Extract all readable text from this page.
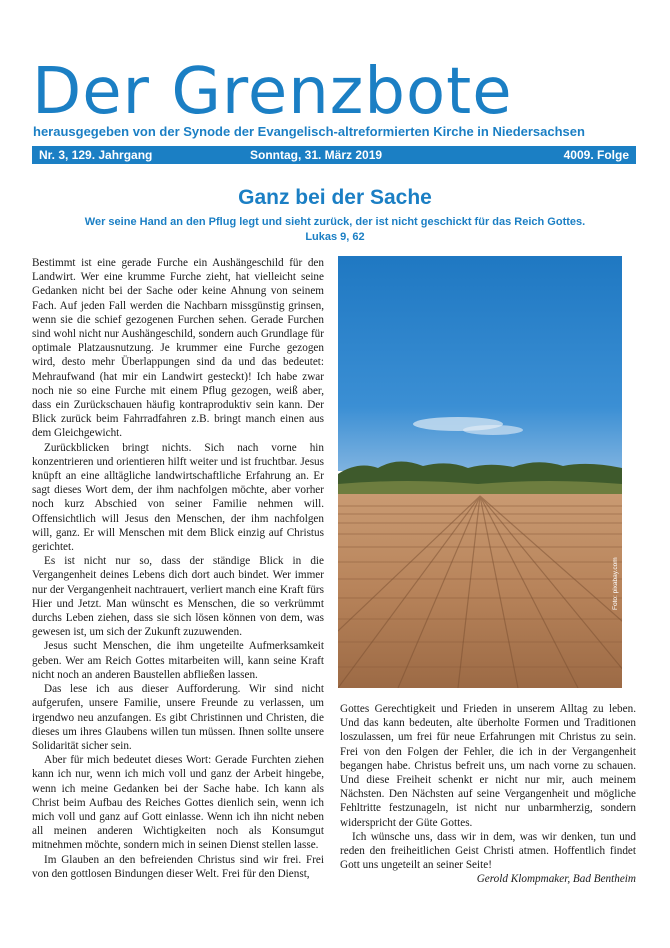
Der Grenzbote
herausgegeben von der Synode der Evangelisch-altreformierten Kirche in Niedersachsen
Nr. 3, 129. Jahrgang	Sonntag, 31. März 2019	4009. Folge
Ganz bei der Sache
Wer seine Hand an den Pflug legt und sieht zurück, der ist nicht geschickt für das Reich Gottes.
Lukas 9, 62

Bestimmt ist eine gerade Furche ein Aushängeschild für den Landwirt. Wer eine krumme Furche zieht, hat vielleicht seine Gedanken nicht bei der Sache oder keine Ahnung von seinem Fach. Auf jeden Fall werden die Nachbarn missgünstig grinsen, wenn sie die schief gezogenen Furchen sehen. Gerade Furchen sind wohl nicht nur Aushängeschild, sondern auch Grundlage für optimale Platzausnutzung. Je krummer eine Furche gezogen wird, desto mehr Überlappungen sind da und das bedeutet: Mehraufwand (hat mir ein Landwirt gesteckt)! Ich habe zwar noch nie so eine Furche mit einem Pflug gezogen, weiß aber, dass ein Zurückschauen häufig kontraproduktiv sein kann. Der Blick zurück beim Fahrradfahren z.B. bringt manch einen aus dem Gleichgewicht.

Zurückblicken bringt nichts. Sich nach vorne hin konzentrieren und orientieren hilft weiter und ist fruchtbar. Jesus knüpft an eine alltägliche landwirtschaftliche Erfahrung an. Er sagt dieses Wort dem, der ihm nachfolgen möchte, aber vorher noch kurz Abschied von seiner Familie nehmen will. Offensichtlich will Jesus den Menschen, der ihm nachfolgen will, ganz. Er will Menschen mit dem Blick einzig auf Christus gerichtet.

Es ist nicht nur so, dass der ständige Blick in die Vergangenheit deines Lebens dich dort auch bindet. Wer immer nur der Vergangenheit nachtrauert, verliert manch eine Kraft fürs Hier und Jetzt. Man wünscht es Menschen, die so verkrümmt durchs Leben ziehen, dass sie sich lösen können von dem, was gewesen ist, um sich der Zukunft zuzuwenden.

Jesus sucht Menschen, die ihm ungeteilte Aufmerksamkeit geben. Wer am Reich Gottes mitarbeiten will, kann seine Kraft nicht noch an anderen Baustellen abfließen lassen.

Das lese ich aus dieser Aufforderung. Wir sind nicht aufgerufen, unsere Familie, unsere Freunde zu verlassen, um irgendwo neu anzufangen. Es gibt Christinnen und Christen, die dieses um ihres Glaubens willen tun müssen. Ihnen sollte unsere Solidarität sicher sein.

Aber für mich bedeutet dieses Wort: Gerade Furchten ziehen kann ich nur, wenn ich mich voll und ganz der Arbeit hingebe, wenn ich meine Gedanken bei der Sache habe. Ich kann als Christ beim Aufbau des Reiches Gottes dienlich sein, wenn ich mich voll und ganz auf Gott einlasse. Wenn ich ihn nicht neben all meinen anderen Wichtigkeiten noch als Konsumgut mitnehmen möchte, sondern mich in seinen Dienst stellen lasse.

Im Glauben an den befreienden Christus sind wir frei. Frei von den gottlosen Bindungen dieser Welt. Frei für den Dienst,

Foto: pixabay.com

Gottes Gerechtigkeit und Frieden in unserem Alltag zu leben. Und das kann bedeuten, alte überholte Formen und Traditionen loszulassen, um frei für neue Erfahrungen mit Christus zu sein. Frei von den Folgen der Fehler, die ich in der Vergangenheit begangen habe. Christus befreit uns, um nach vorne zu schauen. Und diese Freiheit schenkt er nicht nur mir, auch meinem Nächsten. Den Nächsten auf seine Vergangenheit und mögliche Fehltritte festzunageln, ist nicht nur unbarmherzig, sondern widerspricht der Güte Gottes.

Ich wünsche uns, dass wir in dem, was wir denken, tun und reden den freiheitlichen Geist Christi atmen. Hoffentlich findet Gott uns ungeteilt an seiner Seite!

Gerold Klompmaker, Bad Bentheim
